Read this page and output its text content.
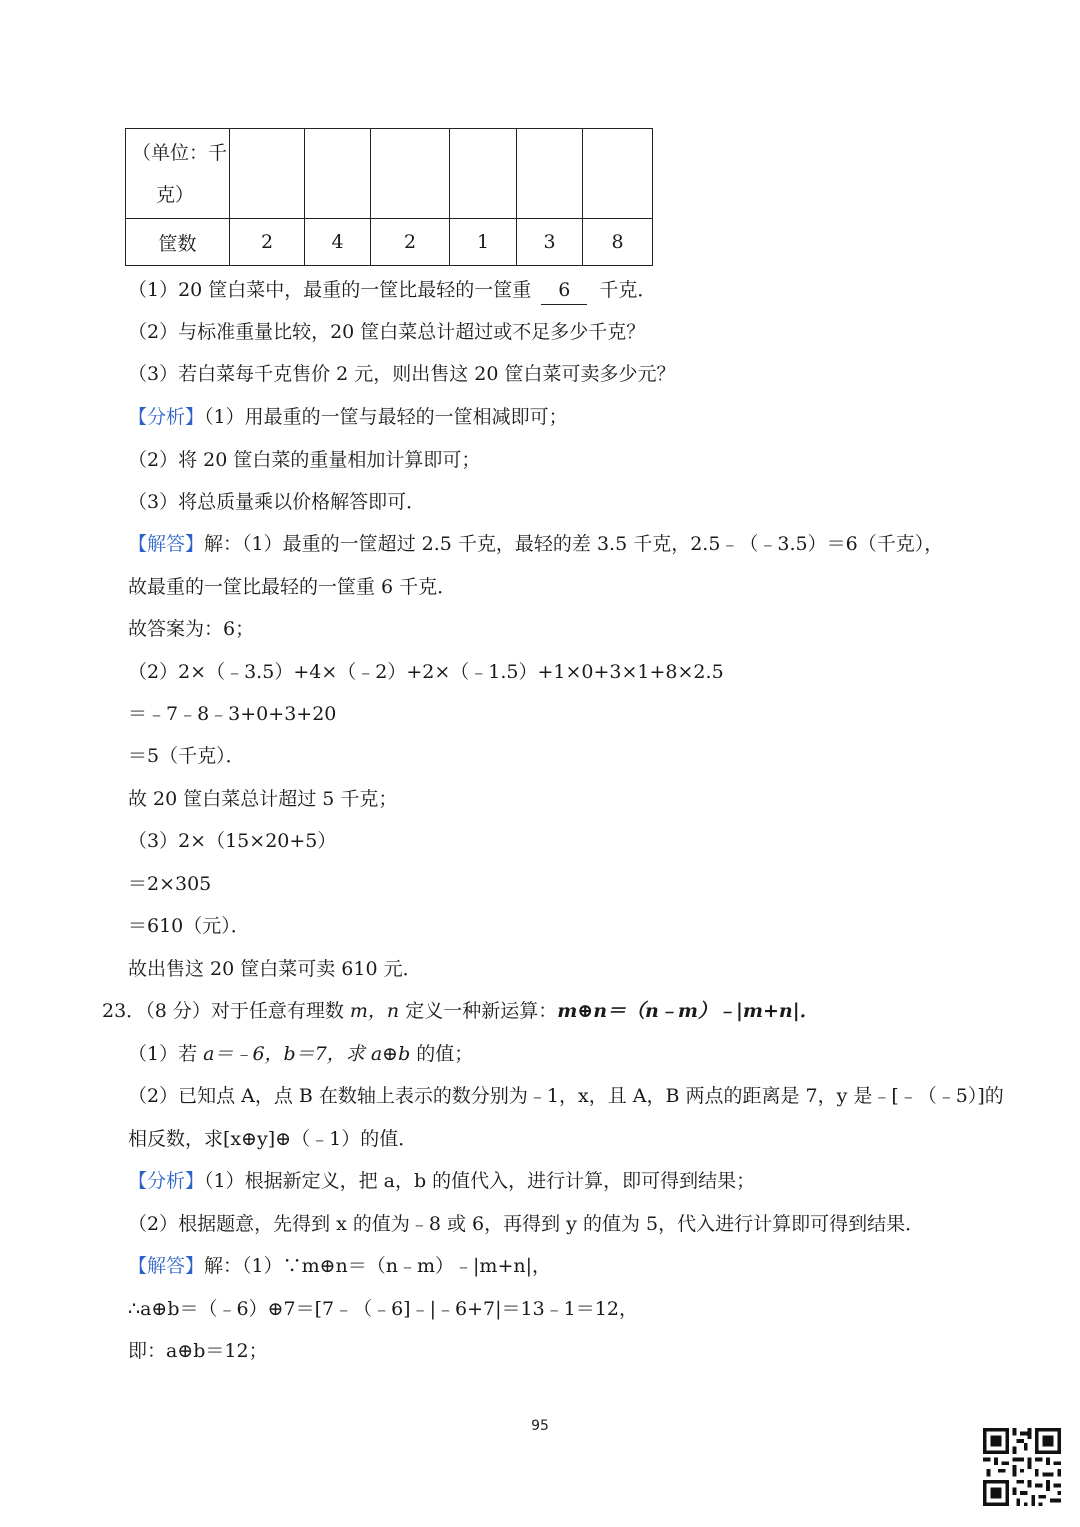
（单位：千
克）						

筐数	2	4	2	1	3	8
（1）20 筐白菜中，最重的一筐比最轻的一筐重 6 千克．
（2）与标准重量比较，20 筐白菜总计超过或不足多少千克？
（3）若白菜每千克售价 2 元，则出售这 20 筐白菜可卖多少元？
【分析】（1）用最重的一筐与最轻的一筐相减即可；
（2）将 20 筐白菜的重量相加计算即可；
（3）将总质量乘以价格解答即可．
【解答】解：（1）最重的一筐超过 2.5 千克，最轻的差 3.5 千克，2.5﹣（﹣3.5）＝6（千克），
故最重的一筐比最轻的一筐重 6 千克．
故答案为：6；
（2）2×（﹣3.5）+4×（﹣2）+2×（﹣1.5）+1×0+3×1+8×2.5
＝﹣7﹣8﹣3+0+3+20
＝5（千克）．
故 20 筐白菜总计超过 5 千克；
（3）2×（15×20+5）
＝2×305
＝610（元）．
故出售这 20 筐白菜可卖 610 元．
23．（8 分）对于任意有理数 m，n 定义一种新运算：m⊕n＝（n﹣m）﹣|m+n|．
（1）若 a＝﹣6，b＝7，求 a⊕b 的值；
（2）已知点 A，点 B 在数轴上表示的数分别为﹣1，x，且 A，B 两点的距离是 7，y 是﹣[﹣（﹣5）]的
相反数，求[x⊕y]⊕（﹣1）的值．
【分析】（1）根据新定义，把 a，b 的值代入，进行计算，即可得到结果；
（2）根据题意，先得到 x 的值为﹣8 或 6，再得到 y 的值为 5，代入进行计算即可得到结果．
【解答】解：（1）∵m⊕n＝（n﹣m）﹣|m+n|，
∴a⊕b＝（﹣6）⊕7＝[7﹣（﹣6]﹣|﹣6+7|＝13﹣1＝12，
即：a⊕b＝12；
95
